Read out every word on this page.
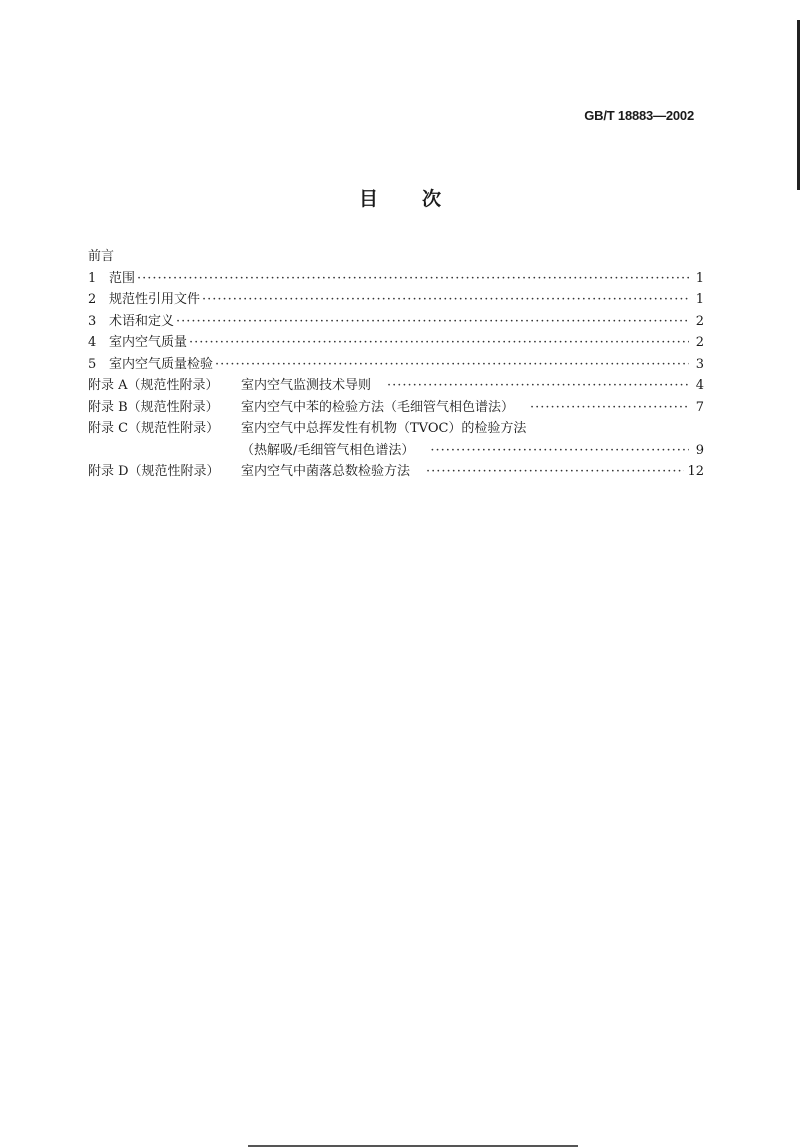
GB/T 18883—2002
目 次
前言
1 范围 ·····	1
2 规范性引用文件 ·····	1
3 术语和定义 ·····	2
4 室内空气质量 ·····	2
5 室内空气质量检验 ·····	3
附录 A（规范性附录）	室内空气监测技术导则 ·····	4
附录 B（规范性附录）	室内空气中苯的检验方法（毛细管气相色谱法） ·····	7
附录 C（规范性附录）	室内空气中总挥发性有机物（TVOC）的检验方法
（热解吸/毛细管气相色谱法） ·····	9
附录 D（规范性附录）	室内空气中菌落总数检验方法 ·····	12
